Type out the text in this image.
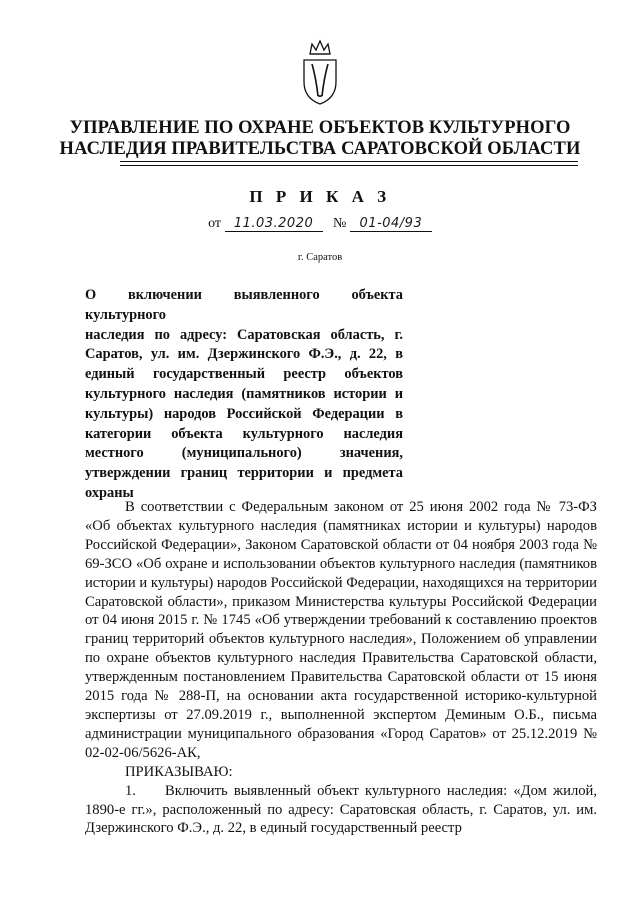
УПРАВЛЕНИЕ ПО ОХРАНЕ ОБЪЕКТОВ КУЛЬТУРНОГО
НАСЛЕДИЯ ПРАВИТЕЛЬСТВА САРАТОВСКОЙ ОБЛАСТИ
П Р И К А З
от 11.03.2020 № 01-04/93
г. Саратов
О включении выявленного объекта культурного
наследия по адресу: Саратовская область, г.
Саратов, ул. им. Дзержинского Ф.Э., д. 22, в
единый государственный реестр объектов
культурного наследия (памятников истории и
культуры) народов Российской Федерации в
категории объекта культурного наследия
местного (муниципального) значения,
утверждении границ территории и предмета
охраны

В соответствии с Федеральным законом от 25 июня 2002 года № 73-ФЗ «Об объектах культурного наследия (памятниках истории и культуры) народов Российской Федерации», Законом Саратовской области от 04 ноября 2003 года № 69-ЗСО «Об охране и использовании объектов культурного наследия (памятников истории и культуры) народов Российской Федерации, находящихся на территории Саратовской области», приказом Министерства культуры Российской Федерации от 04 июня 2015 г. № 1745 «Об утверждении требований к составлению проектов границ территорий объектов культурного наследия», Положением об управлении по охране объектов культурного наследия Правительства Саратовской области, утвержденным постановлением Правительства Саратовской области от 15 июня 2015 года № 288-П, на основании акта государственной историко-культурной экспертизы от 27.09.2019 г., выполненной экспертом Деминым О.Б., письма администрации муниципального образования «Город Саратов» от 25.12.2019 № 02-02-06/5626-АК,

ПРИКАЗЫВАЮ:

1. Включить выявленный объект культурного наследия: «Дом жилой, 1890-е гг.», расположенный по адресу: Саратовская область, г. Саратов, ул. им. Дзержинского Ф.Э., д. 22, в единый государственный реестр
